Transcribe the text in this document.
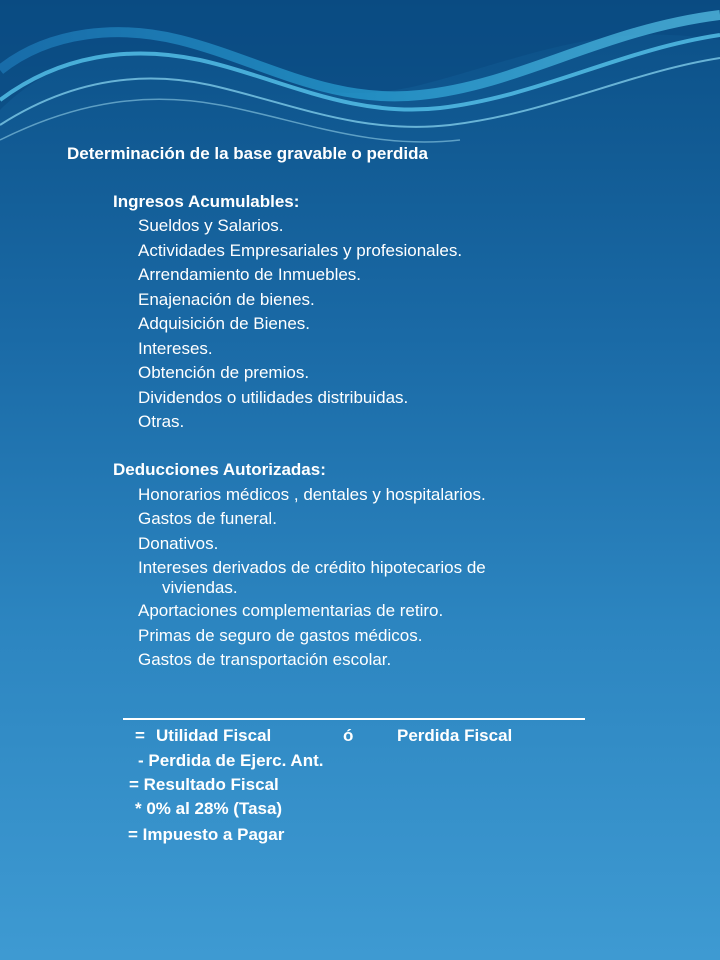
Determinación de la base gravable o perdida
Ingresos Acumulables:
Sueldos y Salarios.
Actividades Empresariales y profesionales.
Arrendamiento de Inmuebles.
Enajenación de bienes.
Adquisición de Bienes.
Intereses.
Obtención de premios.
Dividendos o utilidades distribuidas.
Otras.
Deducciones Autorizadas:
Honorarios médicos , dentales y hospitalarios.
Gastos de funeral.
Donativos.
Intereses derivados de crédito hipotecarios de
viviendas.
Aportaciones complementarias de retiro.
Primas de seguro de gastos médicos.
Gastos de transportación escolar.
= Utilidad Fiscal	ó	Perdida Fiscal
- Perdida de Ejerc. Ant.
= Resultado Fiscal
* 0% al 28% (Tasa)
= Impuesto a Pagar
